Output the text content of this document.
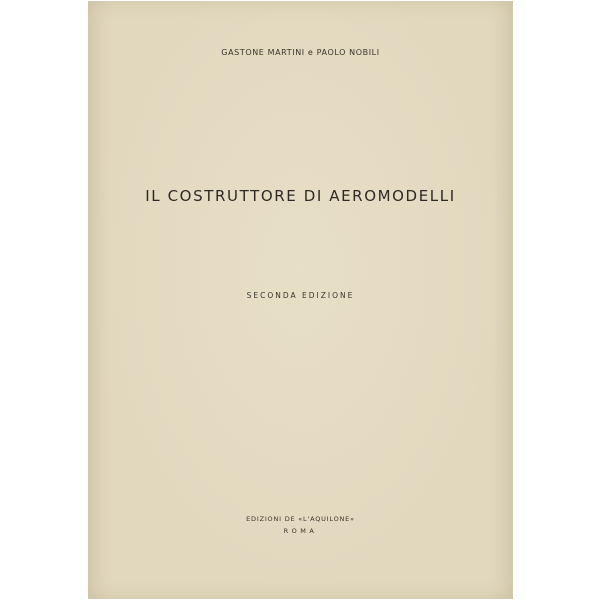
GASTONE MARTINI e PAOLO NOBILI
IL COSTRUTTORE DI AEROMODELLI
SECONDA EDIZIONE
EDIZIONI DE «L'AQUILONE»
ROMA
